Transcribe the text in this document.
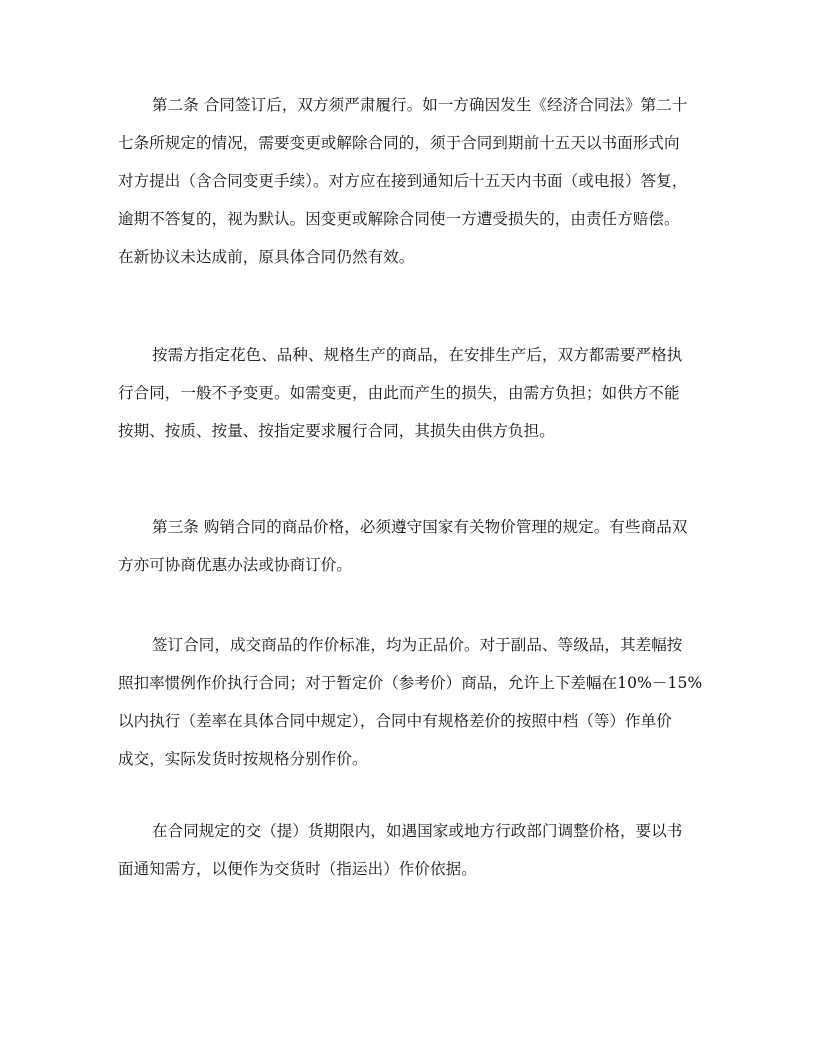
第二条 合同签订后，双方须严肃履行。如一方确因发生《经济合同法》第二十
七条所规定的情况，需要变更或解除合同的，须于合同到期前十五天以书面形式向
对方提出（含合同变更手续）。对方应在接到通知后十五天内书面（或电报）答复，
逾期不答复的，视为默认。因变更或解除合同使一方遭受损失的，由责任方赔偿。
在新协议未达成前，原具体合同仍然有效。
按需方指定花色、品种、规格生产的商品，在安排生产后，双方都需要严格执
行合同，一般不予变更。如需变更，由此而产生的损失，由需方负担；如供方不能
按期、按质、按量、按指定要求履行合同，其损失由供方负担。
第三条 购销合同的商品价格，必须遵守国家有关物价管理的规定。有些商品双
方亦可协商优惠办法或协商订价。
签订合同，成交商品的作价标准，均为正品价。对于副品、等级品，其差幅按
照扣率惯例作价执行合同；对于暂定价（参考价）商品，允许上下差幅在10%－15%
以内执行（差率在具体合同中规定），合同中有规格差价的按照中档（等）作单价
成交，实际发货时按规格分别作价。
在合同规定的交（提）货期限内，如遇国家或地方行政部门调整价格，要以书
面通知需方，以便作为交货时（指运出）作价依据。
